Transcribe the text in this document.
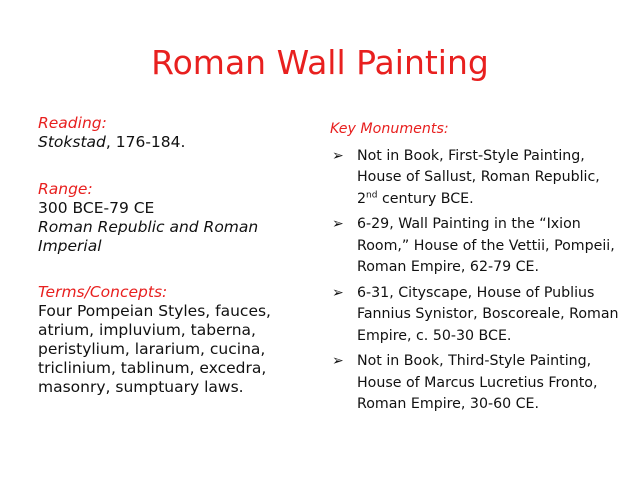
Roman Wall Painting
Reading:
Stokstad, 176-184.
Range:
300 BCE-79 CE
Roman Republic and Roman Imperial
Terms/Concepts:
Four Pompeian Styles, fauces, atrium, impluvium, taberna, peristylium, lararium, cucina, triclinium, tablinum, excedra, masonry, sumptuary laws.
Key Monuments:
➢ Not in Book, First-Style Painting, House of Sallust, Roman Republic, 2nd century BCE.
➢ 6-29, Wall Painting in the “Ixion Room,” House of the Vettii, Pompeii, Roman Empire, 62-79 CE.
➢ 6-31, Cityscape, House of Publius Fannius Synistor, Boscoreale, Roman Empire, c. 50-30 BCE.
➢ Not in Book, Third-Style Painting, House of Marcus Lucretius Fronto, Roman Empire, 30-60 CE.
